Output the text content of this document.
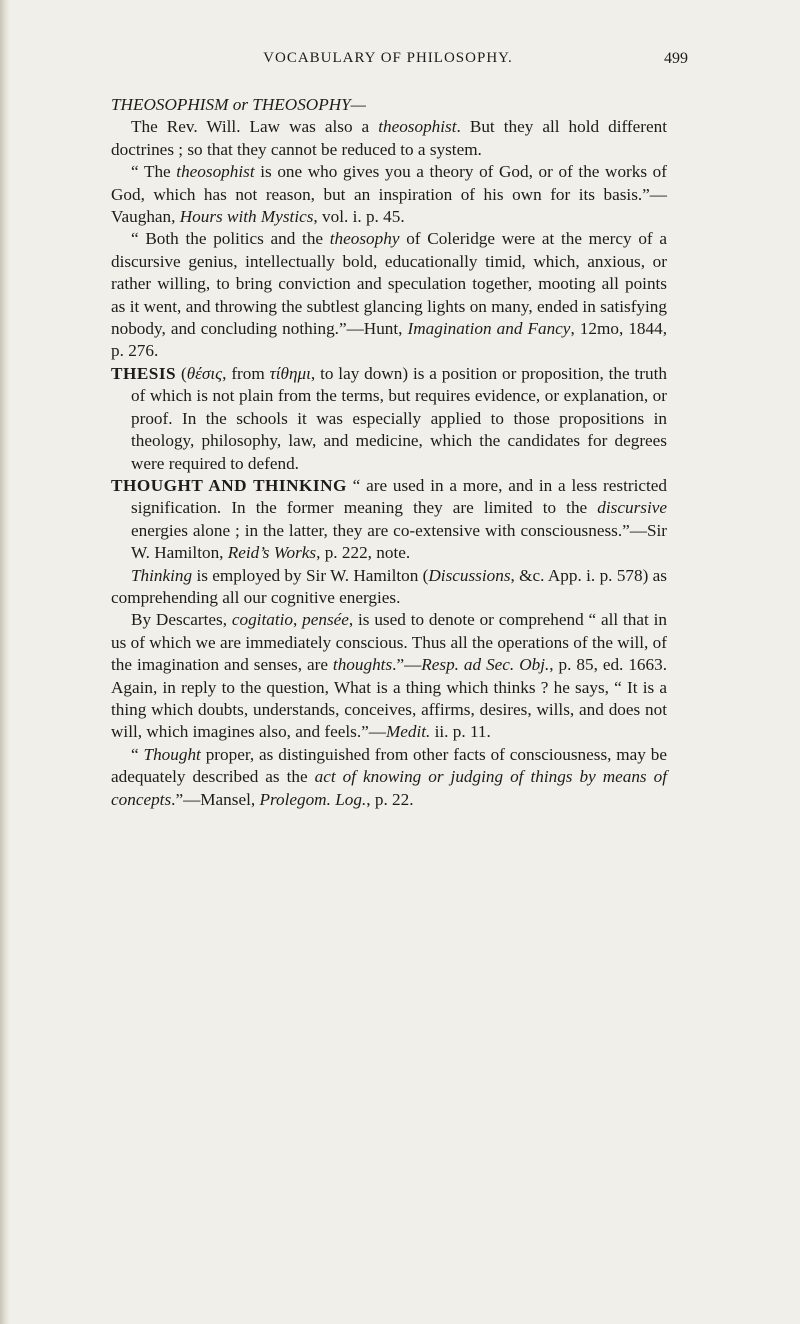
VOCABULARY OF PHILOSOPHY.	499

THEOSOPHISM or THEOSOPHY—

The Rev. Will. Law was also a theosophist. But they all hold different doctrines ; so that they cannot be reduced to a system.

“ The theosophist is one who gives you a theory of God, or of the works of God, which has not reason, but an inspiration of his own for its basis.”—Vaughan, Hours with Mystics, vol. i. p. 45.

“ Both the politics and the theosophy of Coleridge were at the mercy of a discursive genius, intellectually bold, educationally timid, which, anxious, or rather willing, to bring conviction and speculation together, mooting all points as it went, and throwing the subtlest glancing lights on many, ended in satisfying nobody, and concluding nothing.”—Hunt, Imagination and Fancy, 12mo, 1844, p. 276.

THESIS (θέσις, from τίθημι, to lay down) is a position or proposition, the truth of which is not plain from the terms, but requires evidence, or explanation, or proof. In the schools it was especially applied to those propositions in theology, philosophy, law, and medicine, which the candidates for degrees were required to defend.

THOUGHT AND THINKING “ are used in a more, and in a less restricted signification. In the former meaning they are limited to the discursive energies alone ; in the latter, they are co-extensive with consciousness.”—Sir W. Hamilton, Reid’s Works, p. 222, note.

Thinking is employed by Sir W. Hamilton (Discussions, &c. App. i. p. 578) as comprehending all our cognitive energies.

By Descartes, cogitatio, pensée, is used to denote or comprehend “ all that in us of which we are immediately conscious. Thus all the operations of the will, of the imagination and senses, are thoughts.”—Resp. ad Sec. Obj., p. 85, ed. 1663. Again, in reply to the question, What is a thing which thinks ? he says, “ It is a thing which doubts, understands, conceives, affirms, desires, wills, and does not will, which imagines also, and feels.”—Medit. ii. p. 11.

“ Thought proper, as distinguished from other facts of consciousness, may be adequately described as the act of knowing or judging of things by means of concepts.”—Mansel, Prolegom. Log., p. 22.
